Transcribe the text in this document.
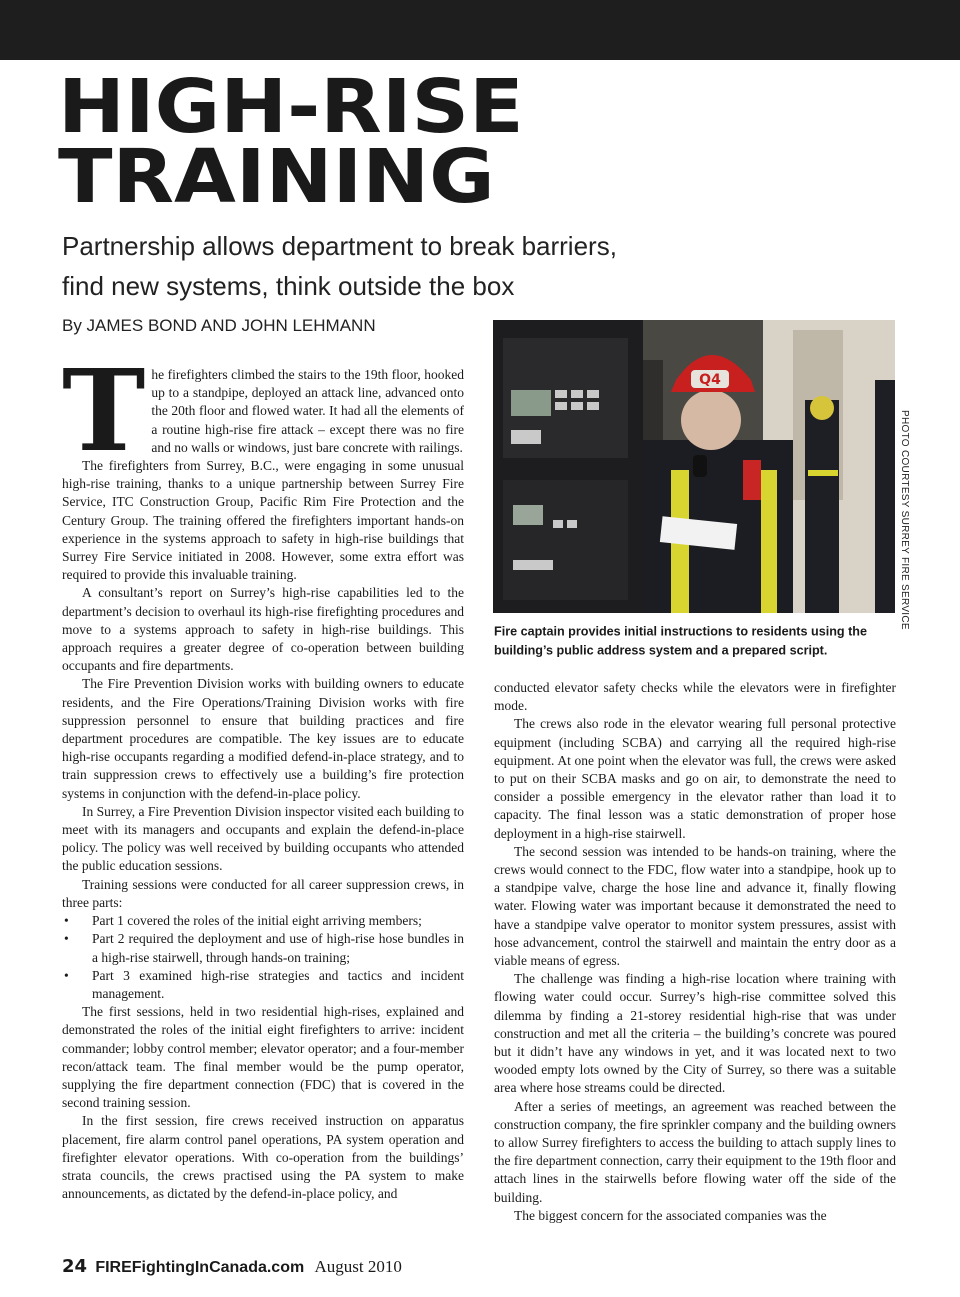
HIGH-RISE
TRAINING
Partnership allows department to break barriers,
find new systems, think outside the box
By JAMES BOND AND JOHN LEHMANN

The firefighters climbed the stairs to the 19th floor, hooked up to a standpipe, deployed an attack line, advanced onto the 20th floor and flowed water. It had all the elements of a routine high-rise fire attack – except there was no fire and no walls or windows, just bare concrete with railings.

The firefighters from Surrey, B.C., were engaging in some unusual high-rise training, thanks to a unique partnership between Surrey Fire Service, ITC Construction Group, Pacific Rim Fire Protection and the Century Group. The training offered the firefighters important hands-on experience in the systems approach to safety in high-rise buildings that Surrey Fire Service initiated in 2008. However, some extra effort was required to provide this invaluable training.

A consultant’s report on Surrey’s high-rise capabilities led to the department’s decision to overhaul its high-rise firefighting procedures and move to a systems approach to safety in high-rise buildings. This approach requires a greater degree of co-operation between building occupants and fire departments.

The Fire Prevention Division works with building owners to educate residents, and the Fire Operations/Training Division works with fire suppression personnel to ensure that building practices and fire department procedures are compatible. The key issues are to educate high-rise occupants regarding a modified defend-in-place strategy, and to train suppression crews to effectively use a building’s fire protection systems in conjunction with the defend-in-place policy.

In Surrey, a Fire Prevention Division inspector visited each building to meet with its managers and occupants and explain the defend-in-place policy. The policy was well received by building occupants who attended the public education sessions.

Training sessions were conducted for all career suppression crews, in three parts:

• Part 1 covered the roles of the initial eight arriving members;
• Part 2 required the deployment and use of high-rise hose bundles in a high-rise stairwell, through hands-on training;
• Part 3 examined high-rise strategies and tactics and incident management.

The first sessions, held in two residential high-rises, explained and demonstrated the roles of the initial eight firefighters to arrive: incident commander; lobby control member; elevator operator; and a four-member recon/attack team. The final member would be the pump operator, supplying the fire department connection (FDC) that is covered in the second training session.

In the first session, fire crews received instruction on apparatus placement, fire alarm control panel operations, PA system operation and firefighter elevator operations. With co-operation from the buildings’ strata councils, the crews practised using the PA system to make announcements, as dictated by the defend-in-place policy, and

Q4
PHOTO COURTESY SURREY FIRE SERVICE
Fire captain provides initial instructions to residents using the building’s public address system and a prepared script.

conducted elevator safety checks while the elevators were in firefighter mode.

The crews also rode in the elevator wearing full personal protective equipment (including SCBA) and carrying all the required high-rise equipment. At one point when the elevator was full, the crews were asked to put on their SCBA masks and go on air, to demonstrate the need to consider a possible emergency in the elevator rather than load it to capacity. The final lesson was a static demonstration of proper hose deployment in a high-rise stairwell.

The second session was intended to be hands-on training, where the crews would connect to the FDC, flow water into a standpipe, hook up to a standpipe valve, charge the hose line and advance it, finally flowing water. Flowing water was important because it demonstrated the need to have a standpipe valve operator to monitor system pressures, assist with hose advancement, control the stairwell and maintain the entry door as a viable means of egress.

The challenge was finding a high-rise location where training with flowing water could occur. Surrey’s high-rise committee solved this dilemma by finding a 21-storey residential high-rise that was under construction and met all the criteria – the building’s concrete was poured but it didn’t have any windows in yet, and it was located next to two wooded empty lots owned by the City of Surrey, so there was a suitable area where hose streams could be directed.

After a series of meetings, an agreement was reached between the construction company, the fire sprinkler company and the building owners to allow Surrey firefighters to access the building to attach supply lines to the fire department connection, carry their equipment to the 19th floor and attach lines in the stairwells before flowing water off the side of the building.

The biggest concern for the associated companies was the

24 FIREFightingInCanada.com August 2010
